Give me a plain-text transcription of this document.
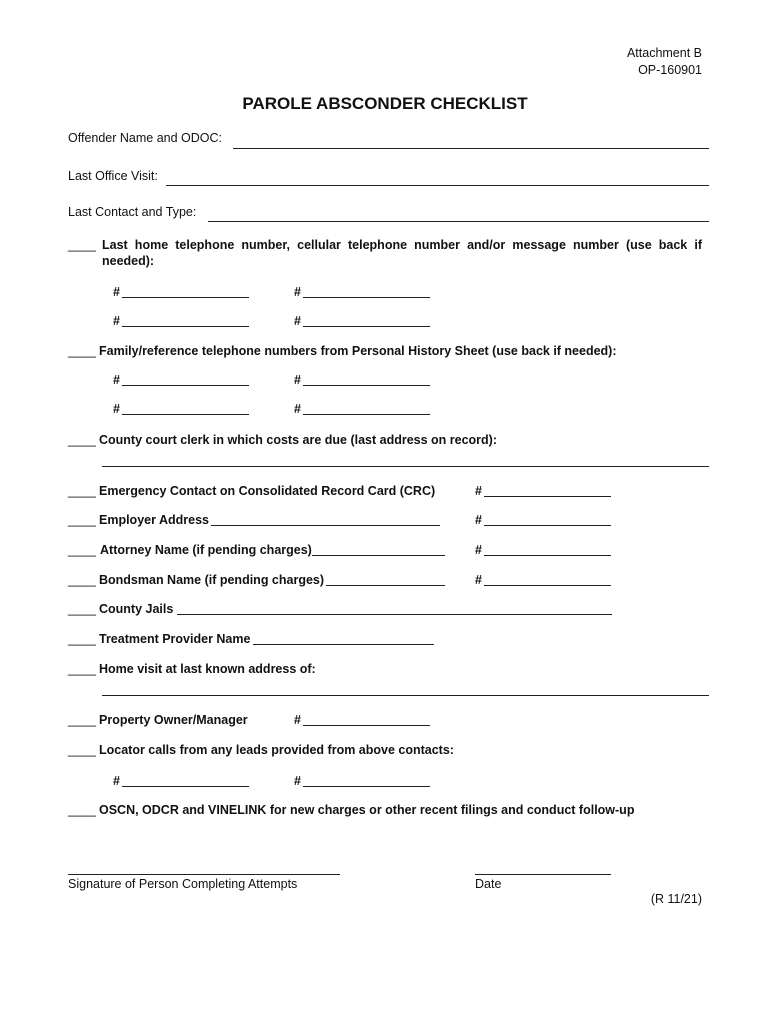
Attachment B
OP-160901
PAROLE ABSCONDER CHECKLIST
Offender Name and ODOC:
Last Office Visit:
Last Contact and Type:
____ Last home telephone number, cellular telephone number and/or message number (use back if
needed):
#	#
#	#
____ Family/reference telephone numbers from Personal History Sheet (use back if needed):
#	#
#	#
____ County court clerk in which costs are due (last address on record):
____ Emergency Contact on Consolidated Record Card (CRC)	#
____ Employer Address	#
____ Attorney Name (if pending charges)	#
____ Bondsman Name (if pending charges)	#
____ County Jails
____ Treatment Provider Name
____ Home visit at last known address of:
____ Property Owner/Manager	#
____ Locator calls from any leads provided from above contacts:
#	#
____ OSCN, ODCR and VINELINK for new charges or other recent filings and conduct follow-up
Signature of Person Completing Attempts	Date
(R 11/21)
